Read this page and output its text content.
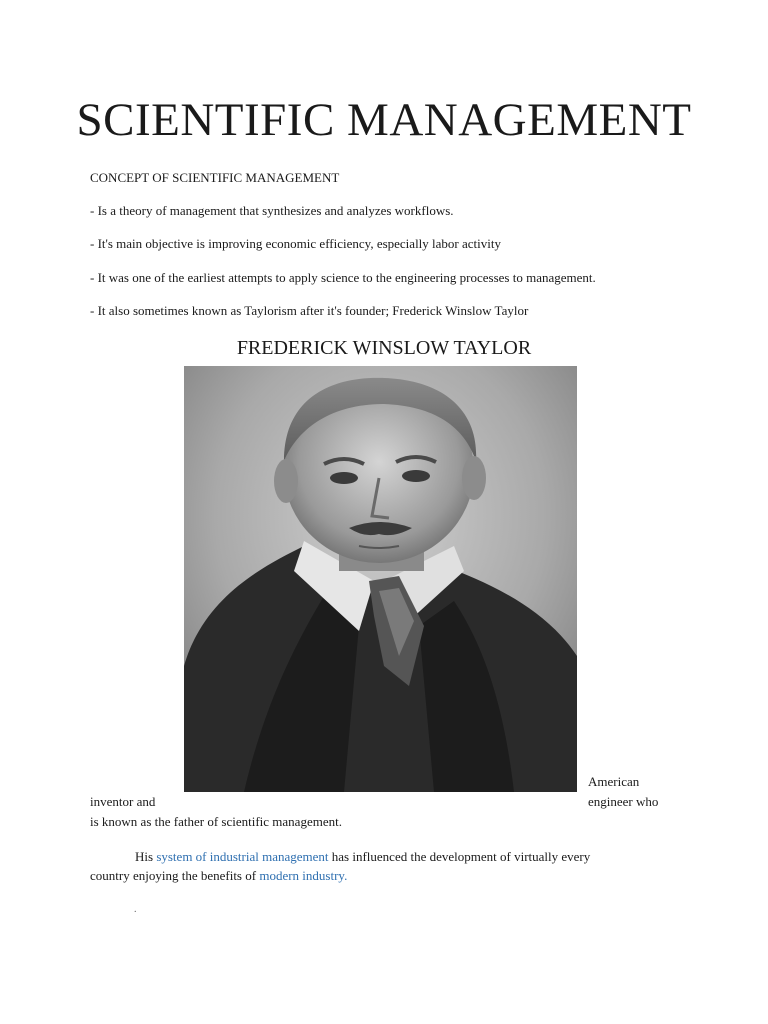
SCIENTIFIC MANAGEMENT
CONCEPT OF SCIENTIFIC MANAGEMENT
- Is a theory of management that synthesizes and analyzes workflows.
- It's main objective is improving economic efficiency, especially labor activity
- It was one of the earliest attempts to apply science to the engineering processes to management.
- It also sometimes known as Taylorism after it's founder; Frederick Winslow Taylor
FREDERICK WINSLOW TAYLOR
American
inventor and	engineer who
is known as the father of scientific management.
His system of industrial management has influenced the development of virtually every
country enjoying the benefits of modern industry.
.
